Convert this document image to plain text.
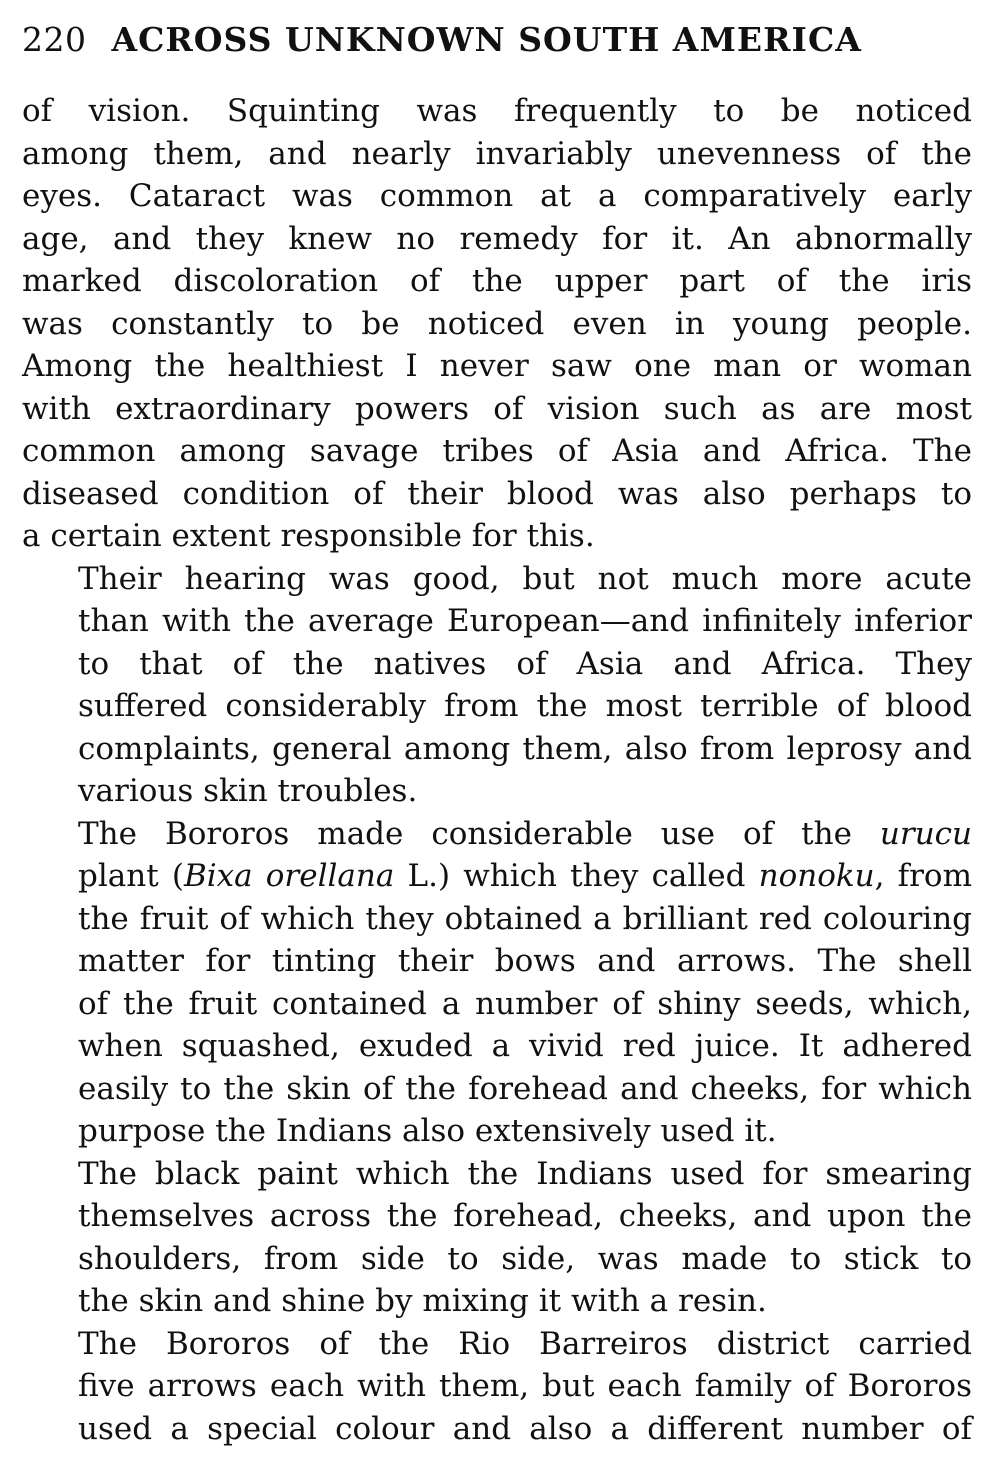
220 ACROSS UNKNOWN SOUTH AMERICA
of vision. Squinting was frequently to be noticed
among them, and nearly invariably unevenness of the
eyes. Cataract was common at a comparatively early
age, and they knew no remedy for it. An abnormally
marked discoloration of the upper part of the iris
was constantly to be noticed even in young people.
Among the healthiest I never saw one man or woman
with extraordinary powers of vision such as are most
common among savage tribes of Asia and Africa. The
diseased condition of their blood was also perhaps to
a certain extent responsible for this.
Their hearing was good, but not much more acute
than with the average European—and infinitely inferior
to that of the natives of Asia and Africa. They
suffered considerably from the most terrible of blood
complaints, general among them, also from leprosy and
various skin troubles.
The Bororos made considerable use of the urucu
plant (Bixa orellana L.) which they called nonoku, from
the fruit of which they obtained a brilliant red colouring
matter for tinting their bows and arrows. The shell
of the fruit contained a number of shiny seeds, which,
when squashed, exuded a vivid red juice. It adhered
easily to the skin of the forehead and cheeks, for which
purpose the Indians also extensively used it.
The black paint which the Indians used for smearing
themselves across the forehead, cheeks, and upon the
shoulders, from side to side, was made to stick to
the skin and shine by mixing it with a resin.
The Bororos of the Rio Barreiros district carried
five arrows each with them, but each family of Bororos
used a special colour and also a different number of
